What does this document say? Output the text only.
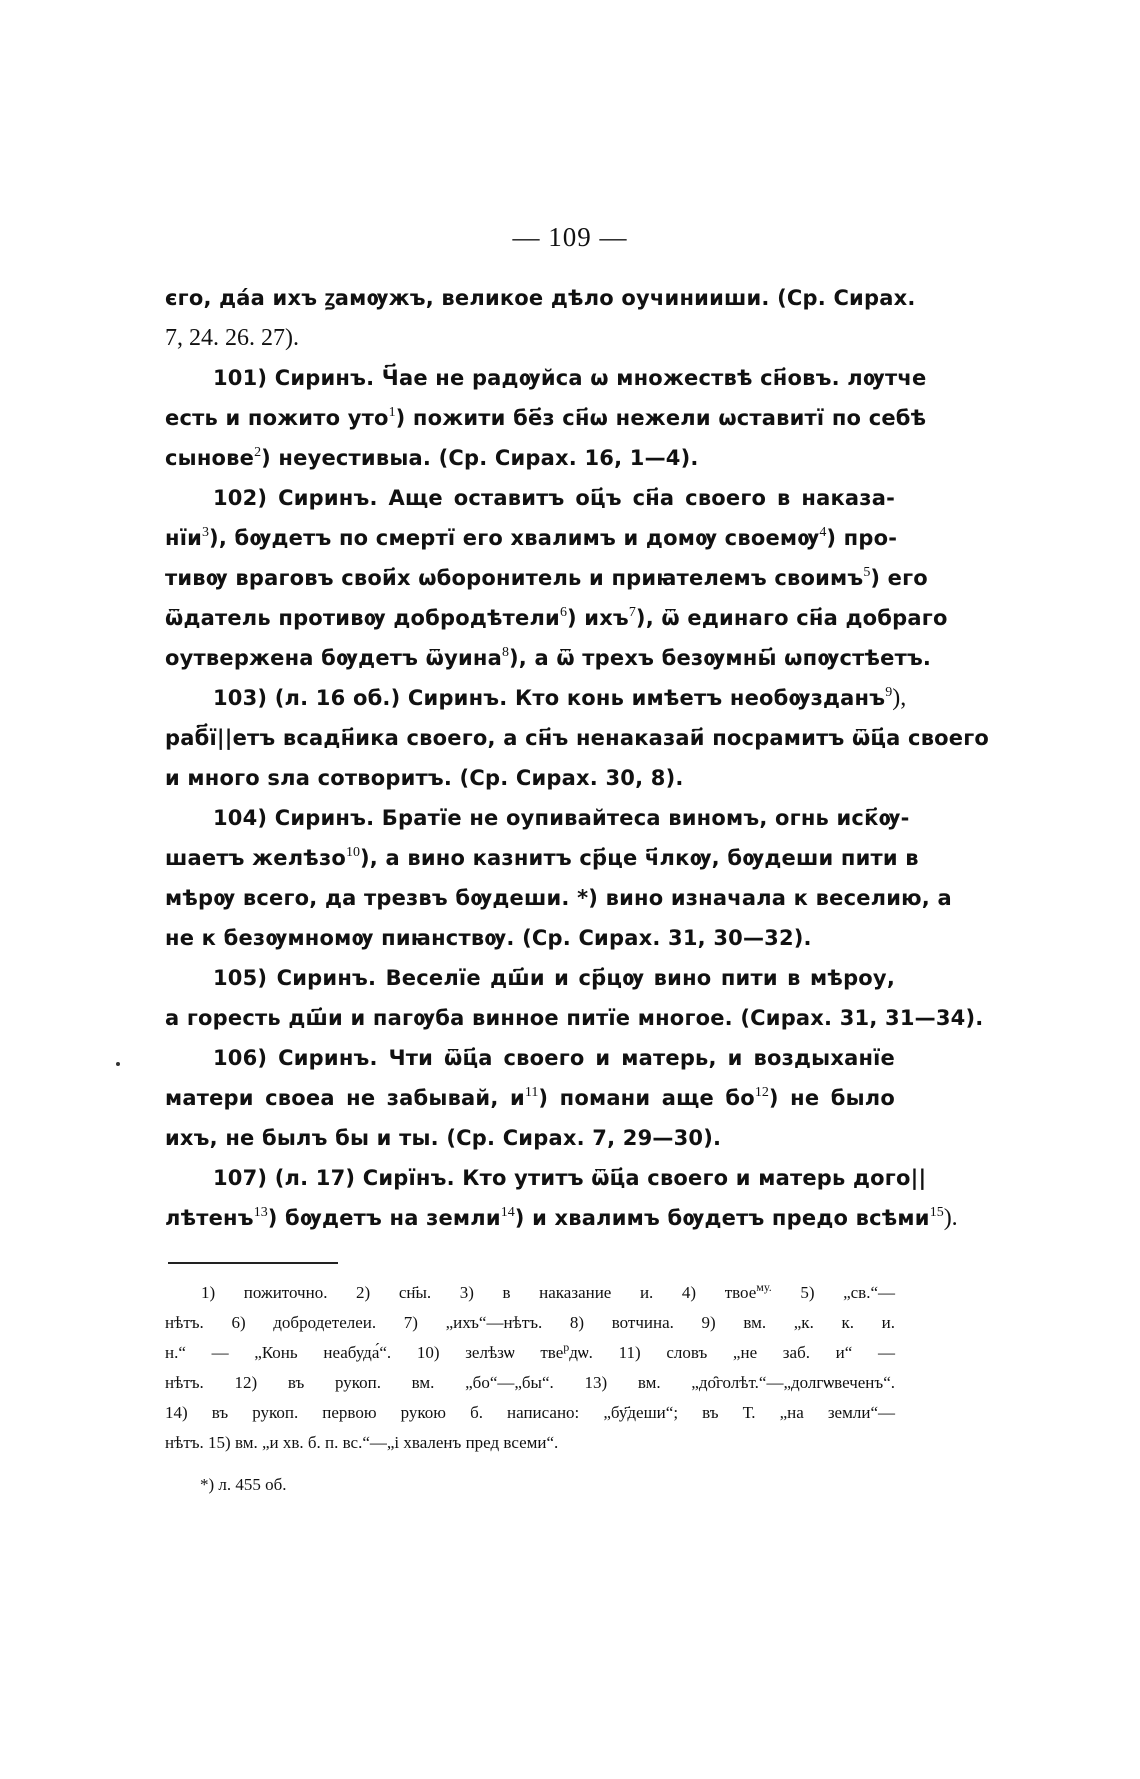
— 109 —
єго, да́а ихъ ꙁамѹжъ, великое дѣло оучинииши. (Ср. Сирах.
7, 24. 26. 27).
101) Сиринъ. Ч҃ае не радѹйса ѡ множествѣ сн҃овъ. лѹтче
есть и пожито уто$^1$) пожити бе҃з сн҃ѡ нежели ѡставитї по себѣ
сынове$^2$) неуестивыа. (Ср. Сирах. 16, 1—4).
102) Сиринъ. Аще оставитъ оц҃ъ сн҃а своего в наказа-
нїи$^3$), бѹдетъ по смертї его хвалимъ и домѹ своемѹ$^4$) про-
тивѹ враговъ свои҃х ѡборонитель и приꙗтелемъ своимъ$^5$) его
ѿдатель противѹ добродѣтели$^6$) ихъ$^7$), ѿ единаго сн҃а добраго
оутвержена бѹдетъ ѿуина$^8$), а ѿ трехъ безѹмны҃ ѡпѹстѣетъ.
103) (л. 16 об.) Сиринъ. Кто конь имѣетъ необѹзданъ$^9$),
раб҃ї||етъ всадн҃ика своего, а сн҃ъ ненаказаи҃ посрамитъ ѿц҃а своего
и много ѕла сотворитъ. (Ср. Сирах. 30, 8).
104) Сиринъ. Братїе не оупивайтеса виномъ, огнь иск҃ѹ-
шаетъ желѣзо$^{10}$), а вино казнитъ ср҃це ч҃лкѹ, бѹдеши пити в
мѣрѹ всего, да трезвъ бѹдеши. *) вино изначала к веселию, а
не к безѹмномѹ пиꙗнствѹ. (Ср. Сирах. 31, 30—32).
105) Сиринъ. Веселїе дш҃и и ср҃цѹ вино пити в мѣроу,
а горесть дш҃и и пагѹба винное питїе многое. (Сирах. 31, 31—34).
106) Сиринъ. Чти ѿц҃а своего и матерь, и воздыханїе
матери своеа не забывай, $и^{11}$) помани аще $бо^{12}$) не было
ихъ, не былъ бы и ты. (Ср. Сирах. 7, 29—30).
107) (л. 17) Сирїнъ. Кто утитъ ѿц҃а своего и матерь дого||
лѣтенъ$^{13}$) бѹдетъ на земли$^{14}$) и хвалимъ бѹдетъ предо всѣми$^{15}$).
1) пожиточно. 2) сн҃ы. 3) в наказание и. 4) твое$^{му.}$ 5) „св.“—
нѣтъ. 6) добродетелеи. 7) „ихъ“—нѣтъ. 8) вотчина. 9) вм. „к. к. и.
н.“ — „Конь неабуда́“. 10) зелѣзѡ тве$^р$дѡ. 11) словъ „не заб. и“ —
нѣтъ. 12) въ рукоп. вм. „бо“—„бы“. 13) вм. „до̑голѣт.“—„долгѡвеченъ“.
14) въ рукоп. первою рукою б. написано: „бу҃деши“; въ Т. „на земли“—
нѣтъ. 15) вм. „и хв. б. п. вс.“—„і хваленъ пред всеми“.
*) л. 455 об.
